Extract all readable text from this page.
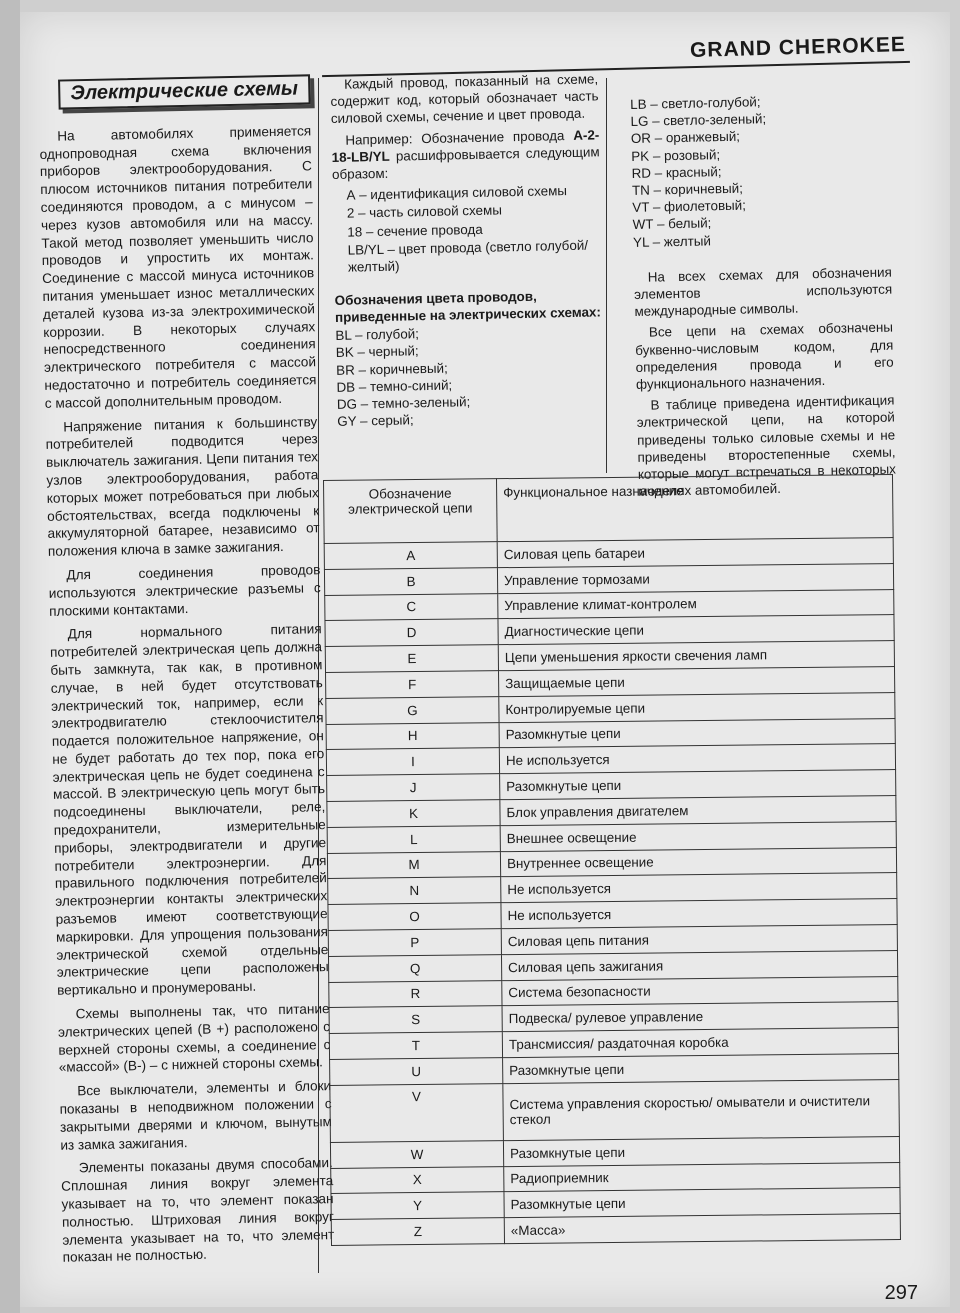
GRAND CHEROKEE
Электрические схемы

На автомобилях применяется однопроводная схема включения приборов электрооборудования. С плюсом источников питания потребители соединяются проводом, а с минусом – через кузов автомобиля или на массу. Такой метод позволяет уменьшить число проводов и упростить их монтаж. Соединение с массой минуса источников питания уменьшает износ металлических деталей кузова из-за электрохимической коррозии. В некоторых случаях непосредственного соединения электрического потребителя с массой недостаточно и потребитель соединяется с массой дополнительным проводом.

Напряжение питания к большинству потребителей подводится через выключатель зажигания. Цепи питания тех узлов электрооборудования, работа которых может потребоваться при любых обстоятельствах, всегда подключены к аккумуляторной батарее, независимо от положения ключа в замке зажигания.

Для соединения проводов используются электрические разъемы с плоскими контактами.

Для нормального питания потребителей электрическая цепь должна быть замкнута, так как, в противном случае, в ней будет отсутствовать электрический ток, например, если к электродвигателю стеклоочистителя подается положительное напряжение, он не будет работать до тех пор, пока его электрическая цепь не будет соединена с массой. В электрическую цепь могут быть подсоединены выключатели, реле, предохранители, измерительные приборы, электродвигатели и другие потребители электроэнергии. Для правильного подключения потребителей электроэнергии контакты электрических разъемов имеют соответствующие маркировки. Для упрощения пользования электрической схемой отдельные электрические цепи расположены вертикально и пронумерованы.

Схемы выполнены так, что питание электрических цепей (В +) расположено с верхней стороны схемы, а соединение с «массой» (В-) – с нижней стороны схемы.

Все выключатели, элементы и блоки показаны в неподвижном положении с закрытыми дверями и ключом, вынутым из замка зажигания.

Элементы показаны двумя способами. Сплошная линия вокруг элемента указывает на то, что элемент показан полностью. Штриховая линия вокруг элемента указывает на то, что элемент показан не полностью.

Каждый провод, показанный на схеме, содержит код, который обозначает часть силовой схемы, сечение и цвет провода.

Например: Обозначение провода А-2-18-LB/YL расшифровывается следующим образом:

А – идентификация силовой схемы
2 – часть силовой схемы
18 – сечение провода
LB/YL – цвет провода (светло голубой/желтый)
Обозначения цвета проводов, приведенные на электрических схемах:
BL – голубой;
BK – черный;
BR – коричневый;
DB – темно-синий;
DG – темно-зеленый;
GY – серый;
LB – светло-голубой;
LG – светло-зеленый;
OR – оранжевый;
PK – розовый;
RD – красный;
TN – коричневый;
VT – фиолетовый;
WT – белый;
YL – желтый

На всех схемах для обозначения элементов используются международные символы.

Все цепи на схемах обозначены буквенно-числовым кодом, для определения провода и его функционального назначения.

В таблице приведена идентификация электрической цепи, на которой приведены только силовые схемы и не приведены второстепенные схемы, которые могут встречаться в некоторых моделях автомобилей.

Обозначение электрической цепи	Функциональное назначение
A	Силовая цепь батареи
B	Управление тормозами
C	Управление климат-контролем
D	Диагностические цепи
E	Цепи уменьшения яркости свечения ламп
F	Защищаемые цепи
G	Контролируемые цепи
H	Разомкнутые цепи
I	Не используется
J	Разомкнутые цепи
K	Блок управления двигателем
L	Внешнее освещение
M	Внутреннее освещение
N	Не используется
O	Не используется
P	Силовая цепь питания
Q	Силовая цепь зажигания
R	Система безопасности
S	Подвеска/ рулевое управление
T	Трансмиссия/ раздаточная коробка
U	Разомкнутые цепи
V	Система управления скоростью/ омыватели и очистители стекол
W	Разомкнутые цепи
X	Радиоприемник
Y	Разомкнутые цепи
Z	«Масса»
297
